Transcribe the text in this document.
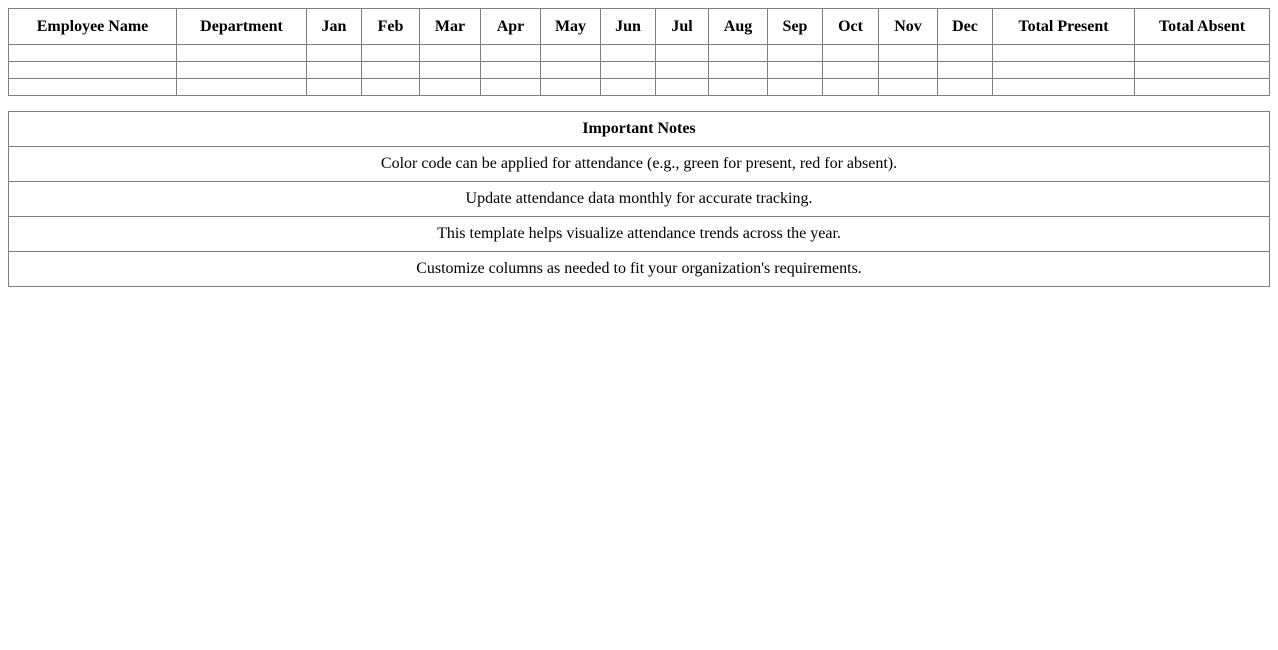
Employee Name	Department	Jan	Feb	Mar	Apr	May	Jun	Jul	Aug	Sep	Oct	Nov	Dec	Total Present	Total Absent

Important Notes
Color code can be applied for attendance (e.g., green for present, red for absent).
Update attendance data monthly for accurate tracking.
This template helps visualize attendance trends across the year.
Customize columns as needed to fit your organization's requirements.
